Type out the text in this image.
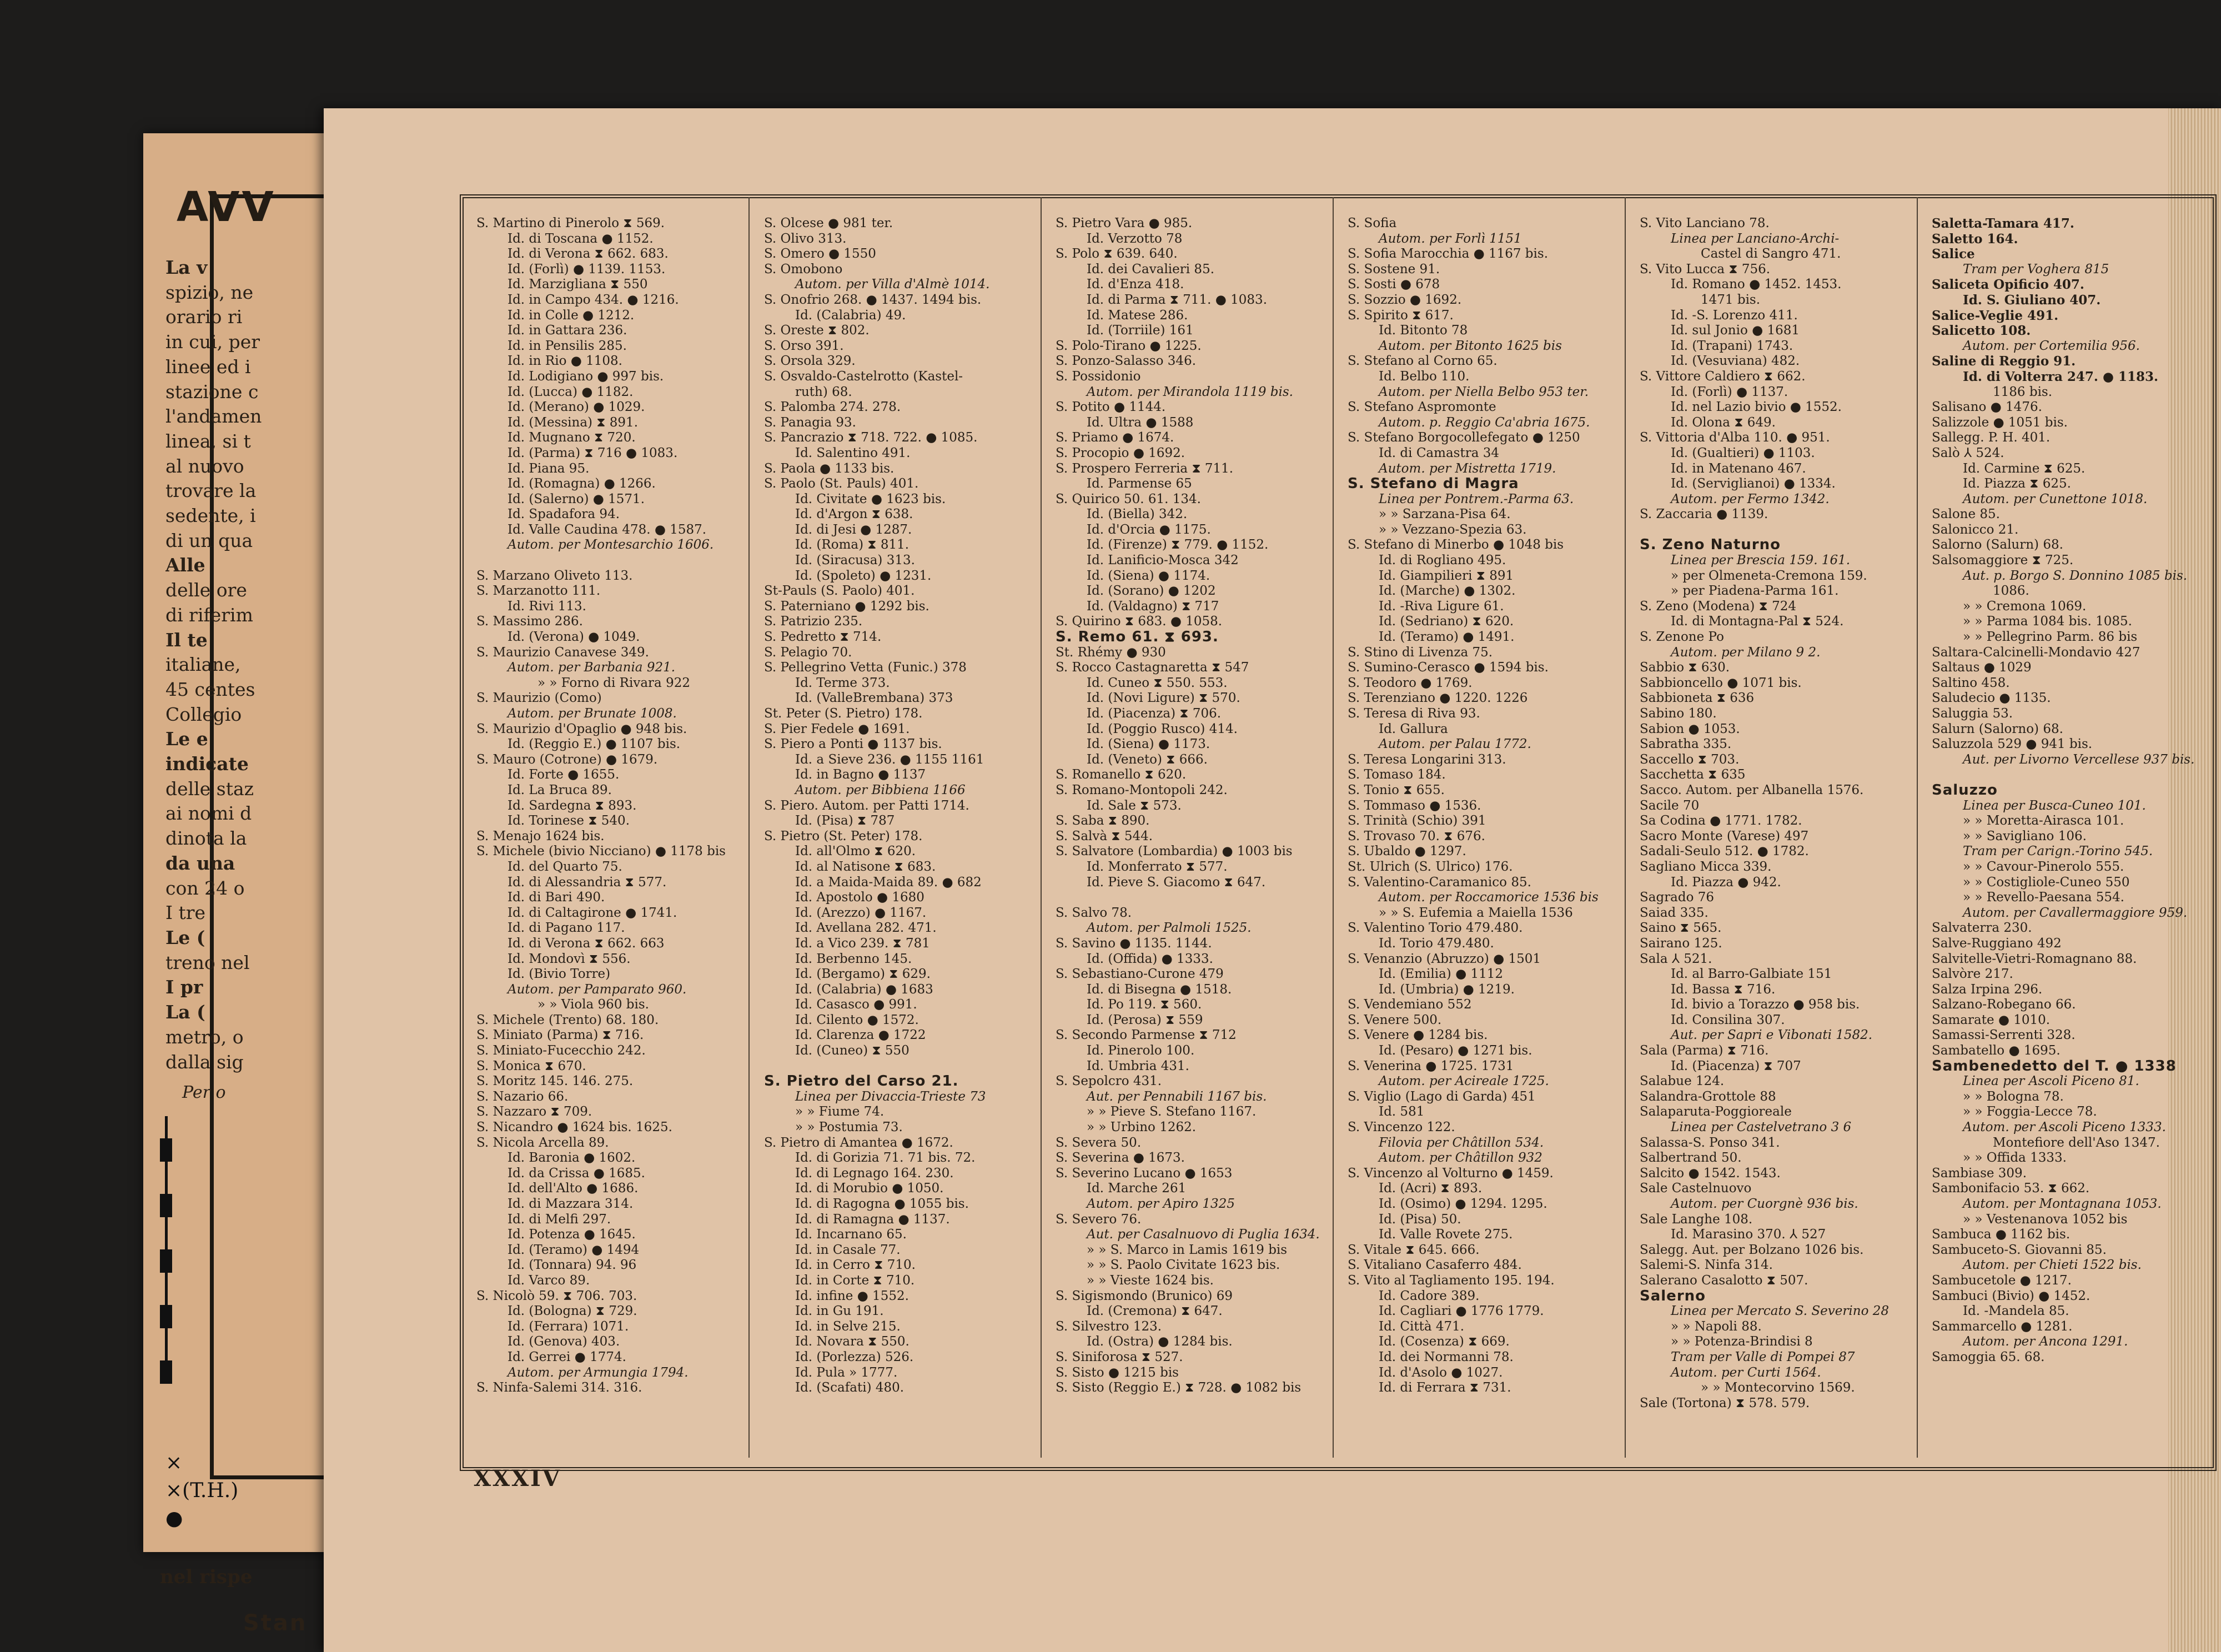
AVV
La v
spizio, ne
orario ri
in cui, per
linee ed i
stazione c
l'andamen
linea, si t
al nuovo
trovare la
sedente, i
di un qua
Alle
delle ore
di riferim
Il te
italiane,
45 centes
Collegio
Le e
indicate
delle staz
ai nomi d
dinota la
da una
con 24 o
I tre
Le (
treno nel
I pr
La (
metro, o
dalla sig
Per o
×
×(T.H.)
●
nel rispe
Stan
S. Martino di Pinerolo ⧗ 569.
Id. di Toscana ● 1152.
Id. di Verona ⧗ 662. 683.
Id. (Forlì) ● 1139. 1153.
Id. Marzigliana ⧗ 550
Id. in Campo 434. ● 1216.
Id. in Colle ● 1212.
Id. in Gattara 236.
Id. in Pensilis 285.
Id. in Rio ● 1108.
Id. Lodigiano ● 997 bis.
Id. (Lucca) ● 1182.
Id. (Merano) ● 1029.
Id. (Messina) ⧗ 891.
Id. Mugnano ⧗ 720.
Id. (Parma) ⧗ 716 ● 1083.
Id. Piana 95.
Id. (Romagna) ● 1266.
Id. (Salerno) ● 1571.
Id. Spadafora 94.
Id. Valle Caudina 478. ● 1587.
Autom. per Montesarchio 1606.
S. Marzano Oliveto 113.
S. Marzanotto 111.
Id. Rivi 113.
S. Massimo 286.
Id. (Verona) ● 1049.
S. Maurizio Canavese 349.
Autom. per Barbania 921.
» » Forno di Rivara 922
S. Maurizio (Como)
Autom. per Brunate 1008.
S. Maurizio d'Opaglio ● 948 bis.
Id. (Reggio E.) ● 1107 bis.
S. Mauro (Cotrone) ● 1679.
Id. Forte ● 1655.
Id. La Bruca 89.
Id. Sardegna ⧗ 893.
Id. Torinese ⧗ 540.
S. Menajo 1624 bis.
S. Michele (bivio Nicciano) ● 1178 bis
Id. del Quarto 75.
Id. di Alessandria ⧗ 577.
Id. di Bari 490.
Id. di Caltagirone ● 1741.
Id. di Pagano 117.
Id. di Verona ⧗ 662. 663
Id. Mondovì ⧗ 556.
Id. (Bivio Torre)
Autom. per Pamparato 960.
» » Viola 960 bis.
S. Michele (Trento) 68. 180.
S. Miniato (Parma) ⧗ 716.
S. Miniato-Fucecchio 242.
S. Monica ⧗ 670.
S. Moritz 145. 146. 275.
S. Nazario 66.
S. Nazzaro ⧗ 709.
S. Nicandro ● 1624 bis. 1625.
S. Nicola Arcella 89.
Id. Baronia ● 1602.
Id. da Crissa ● 1685.
Id. dell'Alto ● 1686.
Id. di Mazzara 314.
Id. di Melfi 297.
Id. Potenza ● 1645.
Id. (Teramo) ● 1494
Id. (Tonnara) 94. 96
Id. Varco 89.
S. Nicolò 59. ⧗ 706. 703.
Id. (Bologna) ⧗ 729.
Id. (Ferrara) 1071.
Id. (Genova) 403.
Id. Gerrei ● 1774.
Autom. per Armungia 1794.
S. Ninfa-Salemi 314. 316.
S. Olcese ● 981 ter.
S. Olivo 313.
S. Omero ● 1550
S. Omobono
Autom. per Villa d'Almè 1014.
S. Onofrio 268. ● 1437. 1494 bis.
Id. (Calabria) 49.
S. Oreste ⧗ 802.
S. Orso 391.
S. Orsola 329.
S. Osvaldo-Castelrotto (Kastel-
ruth) 68.
S. Palomba 274. 278.
S. Panagia 93.
S. Pancrazio ⧗ 718. 722. ● 1085.
Id. Salentino 491.
S. Paola ● 1133 bis.
S. Paolo (St. Pauls) 401.
Id. Civitate ● 1623 bis.
Id. d'Argon ⧗ 638.
Id. di Jesi ● 1287.
Id. (Roma) ⧗ 811.
Id. (Siracusa) 313.
Id. (Spoleto) ● 1231.
St-Pauls (S. Paolo) 401.
S. Paterniano ● 1292 bis.
S. Patrizio 235.
S. Pedretto ⧗ 714.
S. Pelagio 70.
S. Pellegrino Vetta (Funic.) 378
Id. Terme 373.
Id. (ValleBrembana) 373
St. Peter (S. Pietro) 178.
S. Pier Fedele ● 1691.
S. Piero a Ponti ● 1137 bis.
Id. a Sieve 236. ● 1155 1161
Id. in Bagno ● 1137
Autom. per Bibbiena 1166
S. Piero. Autom. per Patti 1714.
Id. (Pisa) ⧗ 787
S. Pietro (St. Peter) 178.
Id. all'Olmo ⧗ 620.
Id. al Natisone ⧗ 683.
Id. a Maida-Maida 89. ● 682
Id. Apostolo ● 1680
Id. (Arezzo) ● 1167.
Id. Avellana 282. 471.
Id. a Vico 239. ⧗ 781
Id. Berbenno 145.
Id. (Bergamo) ⧗ 629.
Id. (Calabria) ● 1683
Id. Casasco ● 991.
Id. Cilento ● 1572.
Id. Clarenza ● 1722
Id. (Cuneo) ⧗ 550
S. Pietro del Carso 21.
Linea per Divaccia-Trieste 73
» » Fiume 74.
» » Postumia 73.
S. Pietro di Amantea ● 1672.
Id. di Gorizia 71. 71 bis. 72.
Id. di Legnago 164. 230.
Id. di Morubio ● 1050.
Id. di Ragogna ● 1055 bis.
Id. di Ramagna ● 1137.
Id. Incarnano 65.
Id. in Casale 77.
Id. in Cerro ⧗ 710.
Id. in Corte ⧗ 710.
Id. infine ● 1552.
Id. in Gu 191.
Id. in Selve 215.
Id. Novara ⧗ 550.
Id. (Porlezza) 526.
Id. Pula » 1777.
Id. (Scafati) 480.
S. Pietro Vara ● 985.
Id. Verzotto 78
S. Polo ⧗ 639. 640.
Id. dei Cavalieri 85.
Id. d'Enza 418.
Id. di Parma ⧗ 711. ● 1083.
Id. Matese 286.
Id. (Torriile) 161
S. Polo-Tirano ● 1225.
S. Ponzo-Salasso 346.
S. Possidonio
Autom. per Mirandola 1119 bis.
S. Potito ● 1144.
Id. Ultra ● 1588
S. Priamo ● 1674.
S. Procopio ● 1692.
S. Prospero Ferreria ⧗ 711.
Id. Parmense 65
S. Quirico 50. 61. 134.
Id. (Biella) 342.
Id. d'Orcia ● 1175.
Id. (Firenze) ⧗ 779. ● 1152.
Id. Lanificio-Mosca 342
Id. (Siena) ● 1174.
Id. (Sorano) ● 1202
Id. (Valdagno) ⧗ 717
S. Quirino ⧗ 683. ● 1058.
S. Remo 61. ⧗ 693.
St. Rhémy ● 930
S. Rocco Castagnaretta ⧗ 547
Id. Cuneo ⧗ 550. 553.
Id. (Novi Ligure) ⧗ 570.
Id. (Piacenza) ⧗ 706.
Id. (Poggio Rusco) 414.
Id. (Siena) ● 1173.
Id. (Veneto) ⧗ 666.
S. Romanello ⧗ 620.
S. Romano-Montopoli 242.
Id. Sale ⧗ 573.
S. Saba ⧗ 890.
S. Salvà ⧗ 544.
S. Salvatore (Lombardia) ● 1003 bis
Id. Monferrato ⧗ 577.
Id. Pieve S. Giacomo ⧗ 647.
S. Salvo 78.
Autom. per Palmoli 1525.
S. Savino ● 1135. 1144.
Id. (Offida) ● 1333.
S. Sebastiano-Curone 479
Id. di Bisegna ● 1518.
Id. Po 119. ⧗ 560.
Id. (Perosa) ⧗ 559
S. Secondo Parmense ⧗ 712
Id. Pinerolo 100.
Id. Umbria 431.
S. Sepolcro 431.
Aut. per Pennabili 1167 bis.
» » Pieve S. Stefano 1167.
» » Urbino 1262.
S. Severa 50.
S. Severina ● 1673.
S. Severino Lucano ● 1653
Id. Marche 261
Autom. per Apiro 1325
S. Severo 76.
Aut. per Casalnuovo di Puglia 1634.
» » S. Marco in Lamis 1619 bis
» » S. Paolo Civitate 1623 bis.
» » Vieste 1624 bis.
S. Sigismondo (Brunico) 69
Id. (Cremona) ⧗ 647.
S. Silvestro 123.
Id. (Ostra) ● 1284 bis.
S. Siniforosa ⧗ 527.
S. Sisto ● 1215 bis
S. Sisto (Reggio E.) ⧗ 728. ● 1082 bis
S. Sofia
Autom. per Forlì 1151
S. Sofia Marocchia ● 1167 bis.
S. Sostene 91.
S. Sosti ● 678
S. Sozzio ● 1692.
S. Spirito ⧗ 617.
Id. Bitonto 78
Autom. per Bitonto 1625 bis
S. Stefano al Corno 65.
Id. Belbo 110.
Autom. per Niella Belbo 953 ter.
S. Stefano Aspromonte
Autom. p. Reggio Ca'abria 1675.
S. Stefano Borgocollefegato ● 1250
Id. di Camastra 34
Autom. per Mistretta 1719.
S. Stefano di Magra
Linea per Pontrem.-Parma 63.
» » Sarzana-Pisa 64.
» » Vezzano-Spezia 63.
S. Stefano di Minerbo ● 1048 bis
Id. di Rogliano 495.
Id. Giampilieri ⧗ 891
Id. (Marche) ● 1302.
Id. -Riva Ligure 61.
Id. (Sedriano) ⧗ 620.
Id. (Teramo) ● 1491.
S. Stino di Livenza 75.
S. Sumino-Cerasco ● 1594 bis.
S. Teodoro ● 1769.
S. Terenziano ● 1220. 1226
S. Teresa di Riva 93.
Id. Gallura
Autom. per Palau 1772.
S. Teresa Longarini 313.
S. Tomaso 184.
S. Tonio ⧗ 655.
S. Tommaso ● 1536.
S. Trinità (Schio) 391
S. Trovaso 70. ⧗ 676.
S. Ubaldo ● 1297.
St. Ulrich (S. Ulrico) 176.
S. Valentino-Caramanico 85.
Autom. per Roccamorice 1536 bis
» » S. Eufemia a Maiella 1536
S. Valentino Torio 479.480.
Id. Torio 479.480.
S. Venanzio (Abruzzo) ● 1501
Id. (Emilia) ● 1112
Id. (Umbria) ● 1219.
S. Vendemiano 552
S. Venere 500.
S. Venere ● 1284 bis.
Id. (Pesaro) ● 1271 bis.
S. Venerina ● 1725. 1731
Autom. per Acireale 1725.
S. Viglio (Lago di Garda) 451
Id. 581
S. Vincenzo 122.
Filovia per Châtillon 534.
Autom. per Châtillon 932
S. Vincenzo al Volturno ● 1459.
Id. (Acri) ⧗ 893.
Id. (Osimo) ● 1294. 1295.
Id. (Pisa) 50.
Id. Valle Rovete 275.
S. Vitale ⧗ 645. 666.
S. Vitaliano Casaferro 484.
S. Vito al Tagliamento 195. 194.
Id. Cadore 389.
Id. Cagliari ● 1776 1779.
Id. Città 471.
Id. (Cosenza) ⧗ 669.
Id. dei Normanni 78.
Id. d'Asolo ● 1027.
Id. di Ferrara ⧗ 731.
S. Vito Lanciano 78.
Linea per Lanciano-Archi-
Castel di Sangro 471.
S. Vito Lucca ⧗ 756.
Id. Romano ● 1452. 1453.
1471 bis.
Id. -S. Lorenzo 411.
Id. sul Jonio ● 1681
Id. (Trapani) 1743.
Id. (Vesuviana) 482.
S. Vittore Caldiero ⧗ 662.
Id. (Forlì) ● 1137.
Id. nel Lazio bivio ● 1552.
Id. Olona ⧗ 649.
S. Vittoria d'Alba 110. ● 951.
Id. (Gualtieri) ● 1103.
Id. in Matenano 467.
Id. (Serviglianoi) ● 1334.
Autom. per Fermo 1342.
S. Zaccaria ● 1139.
S. Zeno Naturno
Linea per Brescia 159. 161.
» per Olmeneta-Cremona 159.
» per Piadena-Parma 161.
S. Zeno (Modena) ⧗ 724
Id. di Montagna-Pal ⧗ 524.
S. Zenone Po
Autom. per Milano 9 2.
Sabbio ⧗ 630.
Sabbioncello ● 1071 bis.
Sabbioneta ⧗ 636
Sabino 180.
Sabion ● 1053.
Sabratha 335.
Saccello ⧗ 703.
Sacchetta ⧗ 635
Sacco. Autom. per Albanella 1576.
Sacile 70
Sa Codina ● 1771. 1782.
Sacro Monte (Varese) 497
Sadali-Seulo 512. ● 1782.
Sagliano Micca 339.
Id. Piazza ● 942.
Sagrado 76
Saiad 335.
Saino ⧗ 565.
Sairano 125.
Sala ⅄ 521.
Id. al Barro-Galbiate 151
Id. Bassa ⧗ 716.
Id. bivio a Torazzo ● 958 bis.
Id. Consilina 307.
Aut. per Sapri e Vibonati 1582.
Sala (Parma) ⧗ 716.
Id. (Piacenza) ⧗ 707
Salabue 124.
Salandra-Grottole 88
Salaparuta-Poggioreale
Linea per Castelvetrano 3 6
Salassa-S. Ponso 341.
Salbertrand 50.
Salcito ● 1542. 1543.
Sale Castelnuovo
Autom. per Cuorgnè 936 bis.
Sale Langhe 108.
Id. Marasino 370. ⅄ 527
Salegg. Aut. per Bolzano 1026 bis.
Salemi-S. Ninfa 314.
Salerano Casalotto ⧗ 507.
Salerno
Linea per Mercato S. Severino 28
» » Napoli 88.
» » Potenza-Brindisi 8
Tram per Valle di Pompei 87
Autom. per Curti 1564.
» » Montecorvino 1569.
Sale (Tortona) ⧗ 578. 579.
Saletta-Tamara 417.
Saletto 164.
Salice
Tram per Voghera 815
Saliceta Opificio 407.
Id. S. Giuliano 407.
Salice-Veglie 491.
Salicetto 108.
Autom. per Cortemilia 956.
Saline di Reggio 91.
Id. di Volterra 247. ● 1183.
1186 bis.
Salisano ● 1476.
Salizzole ● 1051 bis.
Sallegg. P. H. 401.
Salò ⅄ 524.
Id. Carmine ⧗ 625.
Id. Piazza ⧗ 625.
Autom. per Cunettone 1018.
Salone 85.
Salonicco 21.
Salorno (Salurn) 68.
Salsomaggiore ⧗ 725.
Aut. p. Borgo S. Donnino 1085 bis.
1086.
» » Cremona 1069.
» » Parma 1084 bis. 1085.
» » Pellegrino Parm. 86 bis
Saltara-Calcinelli-Mondavio 427
Saltaus ● 1029
Saltino 458.
Saludecio ● 1135.
Saluggia 53.
Salurn (Salorno) 68.
Saluzzola 529 ● 941 bis.
Aut. per Livorno Vercellese 937 bis.
Saluzzo
Linea per Busca-Cuneo 101.
» » Moretta-Airasca 101.
» » Savigliano 106.
Tram per Carign.-Torino 545.
» » Cavour-Pinerolo 555.
» » Costigliole-Cuneo 550
» » Revello-Paesana 554.
Autom. per Cavallermaggiore 959.
Salvaterra 230.
Salve-Ruggiano 492
Salvitelle-Vietri-Romagnano 88.
Salvòre 217.
Salza Irpina 296.
Salzano-Robegano 66.
Samarate ● 1010.
Samassi-Serrenti 328.
Sambatello ● 1695.
Sambenedetto del T. ● 1338
Linea per Ascoli Piceno 81.
» » Bologna 78.
» » Foggia-Lecce 78.
Autom. per Ascoli Piceno 1333.
Montefiore dell'Aso 1347.
» » Offida 1333.
Sambiase 309.
Sambonifacio 53. ⧗ 662.
Autom. per Montagnana 1053.
» » Vestenanova 1052 bis
Sambuca ● 1162 bis.
Sambuceto-S. Giovanni 85.
Autom. per Chieti 1522 bis.
Sambucetole ● 1217.
Sambuci (Bivio) ● 1452.
Id. -Mandela 85.
Sammarcello ● 1281.
Autom. per Ancona 1291.
Samoggia 65. 68.
XXXIV
